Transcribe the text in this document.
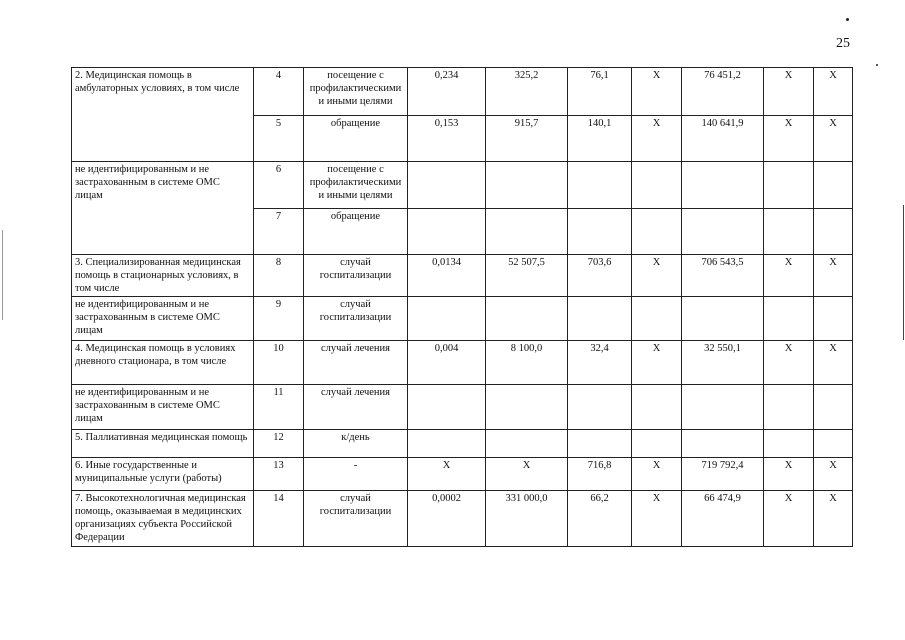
25
2. Медицинская помощь в амбулаторных условиях, в том числе	4	посещение с профилактическими и иными целями	0,234	325,2	76,1	X	76 451,2	X	X
	5	обращение	0,153	915,7	140,1	X	140 641,9	X	X
не идентифицированным и не застрахованным в системе ОМС лицам	6	посещение с профилактическими и иными целями							
	7	обращение							
3. Специализированная медицинская помощь в стационарных условиях, в том числе	8	случай госпитализации	0,0134	52 507,5	703,6	X	706 543,5	X	X
не идентифицированным и не застрахованным в системе ОМС лицам	9	случай госпитализации							
4. Медицинская помощь в условиях дневного стационара, в том числе	10	случай лечения	0,004	8 100,0	32,4	X	32 550,1	X	X
не идентифицированным и не застрахованным в системе ОМС лицам	11	случай лечения							
5. Паллиативная медицинская помощь	12	к/день							
6. Иные государственные и муниципальные услуги (работы)	13	-	X	X	716,8	X	719 792,4	X	X
7. Высокотехнологичная медицинская помощь, оказываемая в медицинских организациях субъекта Российской Федерации	14	случай госпитализации	0,0002	331 000,0	66,2	X	66 474,9	X	X
